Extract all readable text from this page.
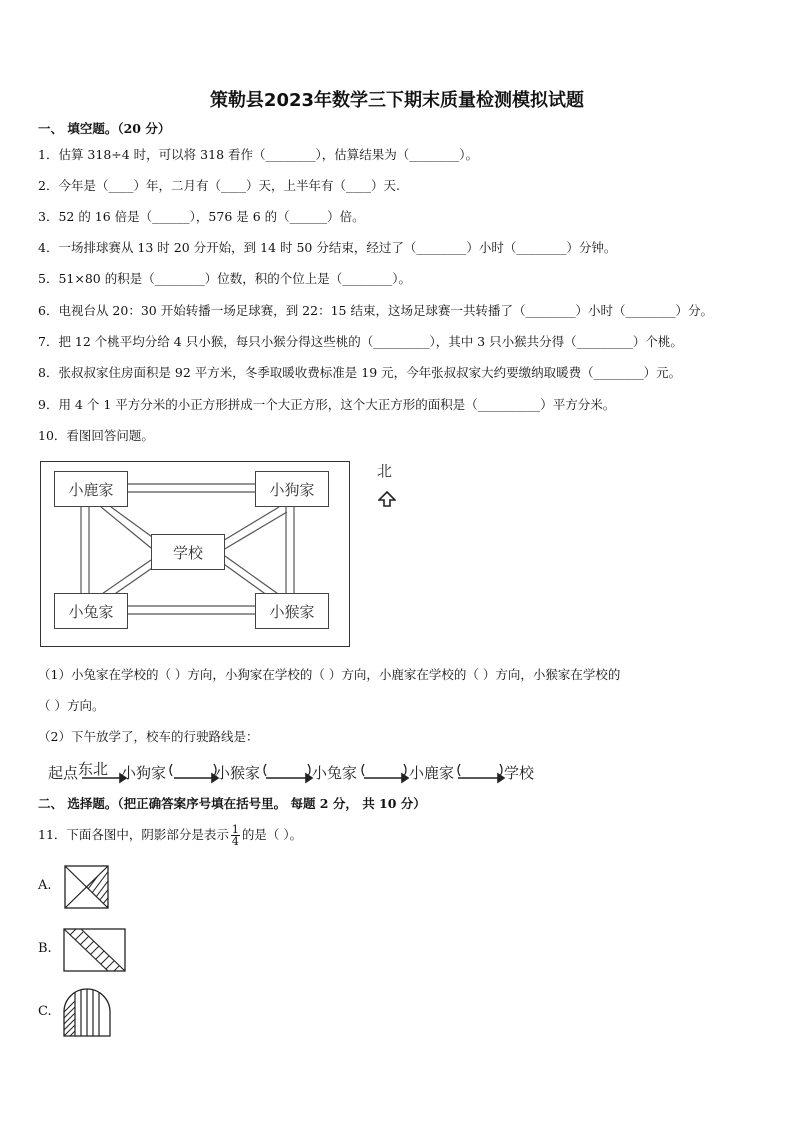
策勒县2023年数学三下期末质量检测模拟试题
一、 填空题。（20 分）
1．估算 318÷4 时，可以将 318 看作（________），估算结果为（________）。
2．今年是（____）年，二月有（____）天，上半年有（____）天.
3．52 的 16 倍是（______），576 是 6 的（______）倍。
4．一场排球赛从 13 时 20 分开始，到 14 时 50 分结束，经过了（________）小时（________）分钟。
5．51×80 的积是（________）位数，积的个位上是（________）。
6．电视台从 20：30 开始转播一场足球赛，到 22：15 结束，这场足球赛一共转播了（________）小时（________）分。
7．把 12 个桃平均分给 4 只小猴，每只小猴分得这些桃的（_________），其中 3 只小猴共分得（_________）个桃。
8．张叔叔家住房面积是 92 平方米，冬季取暖收费标准是 19 元，今年张叔叔家大约要缴纳取暖费（________）元。
9．用 4 个 1 平方分米的小正方形拼成一个大正方形，这个大正方形的面积是（__________）平方分米。
10．看图回答问题。
小鹿家	小狗家
学校
小兔家	小猴家
北
（1）小兔家在学校的（ ）方向，小狗家在学校的（ ）方向，小鹿家在学校的（ ）方向，小猴家在学校的
（ ）方向。
（2）下午放学了，校车的行驶路线是：
起点东北 小狗家	小猴家	小兔家	小鹿家	学校
二、 选择题。（把正确答案序号填在括号里。 每题 2 分， 共 10 分）
11．下面各图中，阴影部分是表示 $\frac{1}{4}$ 的是（ ）。
A.
B.
C.
